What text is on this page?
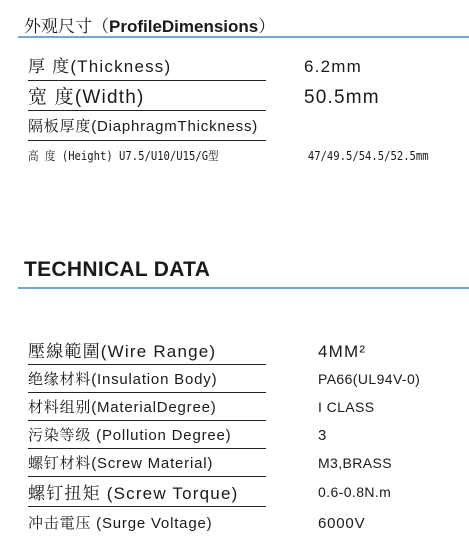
外观尺寸（ProfileDimensions）
厚 度(Thickness)	6.2mm
宽 度(Width)	50.5mm
隔板厚度(DiaphragmThickness)
高 度 (Height) U7.5/U10/U15/G型	47/49.5/54.5/52.5mm
TECHNICAL DATA
壓線範圍(Wire Range)	4MM²
绝缘材料(Insulation Body)	PA66(UL94V-0)
材料组别(MaterialDegree)	I CLASS
污染等级 (Pollution Degree)	3
螺钉材料(Screw Material)	M3,BRASS
螺钉扭矩 (Screw Torque)	0.6-0.8N.m
冲击電压 (Surge Voltage)	6000V
